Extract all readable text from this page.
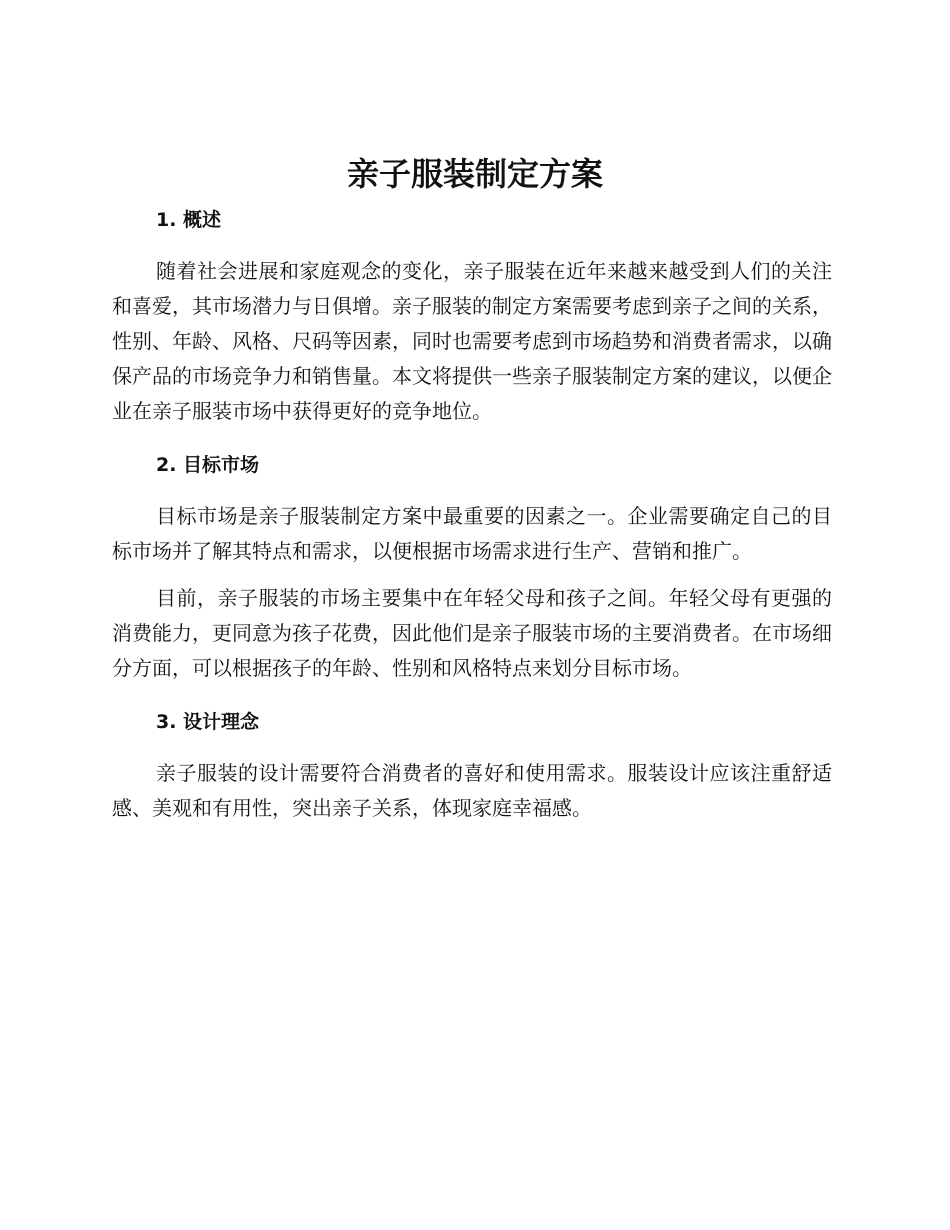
亲子服装制定方案
1. 概述

随着社会进展和家庭观念的变化，亲子服装在近年来越来越受到人们的关注和喜爱，其市场潜力与日俱增。亲子服装的制定方案需要考虑到亲子之间的关系，性别、年龄、风格、尺码等因素，同时也需要考虑到市场趋势和消费者需求，以确保产品的市场竞争力和销售量。本文将提供一些亲子服装制定方案的建议，以便企业在亲子服装市场中获得更好的竞争地位。

2. 目标市场

目标市场是亲子服装制定方案中最重要的因素之一。企业需要确定自己的目标市场并了解其特点和需求，以便根据市场需求进行生产、营销和推广。

目前，亲子服装的市场主要集中在年轻父母和孩子之间。年轻父母有更强的消费能力，更同意为孩子花费，因此他们是亲子服装市场的主要消费者。在市场细分方面，可以根据孩子的年龄、性别和风格特点来划分目标市场。

3. 设计理念

亲子服装的设计需要符合消费者的喜好和使用需求。服装设计应该注重舒适感、美观和有用性，突出亲子关系，体现家庭幸福感。
